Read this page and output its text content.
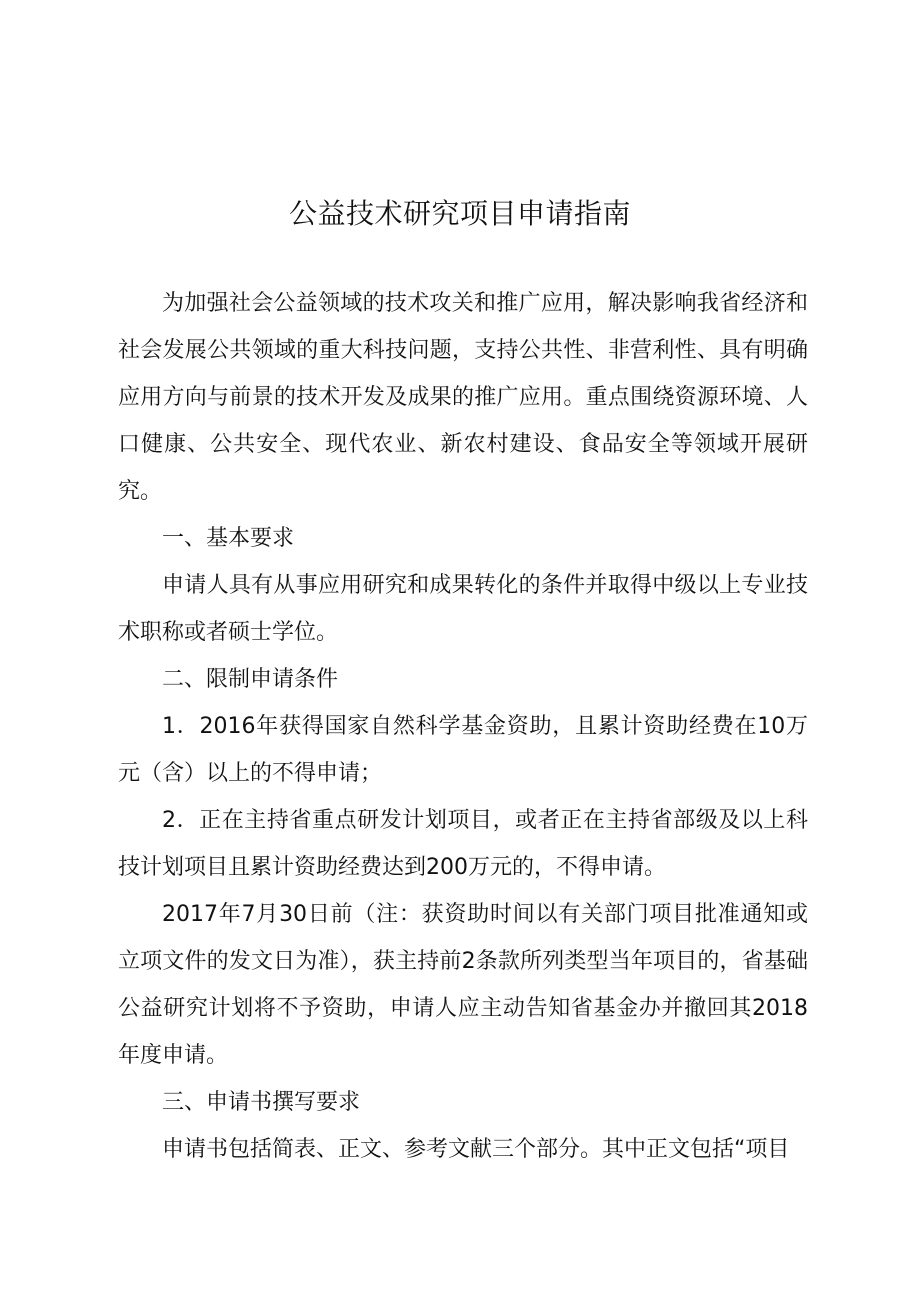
公益技术研究项目申请指南

为加强社会公益领域的技术攻关和推广应用，解决影响我省经济和社会发展公共领域的重大科技问题，支持公共性、非营利性、具有明确应用方向与前景的技术开发及成果的推广应用。重点围绕资源环境、人口健康、公共安全、现代农业、新农村建设、食品安全等领域开展研究。

一、基本要求

申请人具有从事应用研究和成果转化的条件并取得中级以上专业技术职称或者硕士学位。

二、限制申请条件

1．2016年获得国家自然科学基金资助，且累计资助经费在10万元（含）以上的不得申请；

2．正在主持省重点研发计划项目，或者正在主持省部级及以上科技计划项目且累计资助经费达到200万元的，不得申请。

2017年7月30日前（注：获资助时间以有关部门项目批准通知或立项文件的发文日为准），获主持前2条款所列类型当年项目的，省基础公益研究计划将不予资助，申请人应主动告知省基金办并撤回其2018年度申请。

三、申请书撰写要求

申请书包括简表、正文、参考文献三个部分。其中正文包括“项目
